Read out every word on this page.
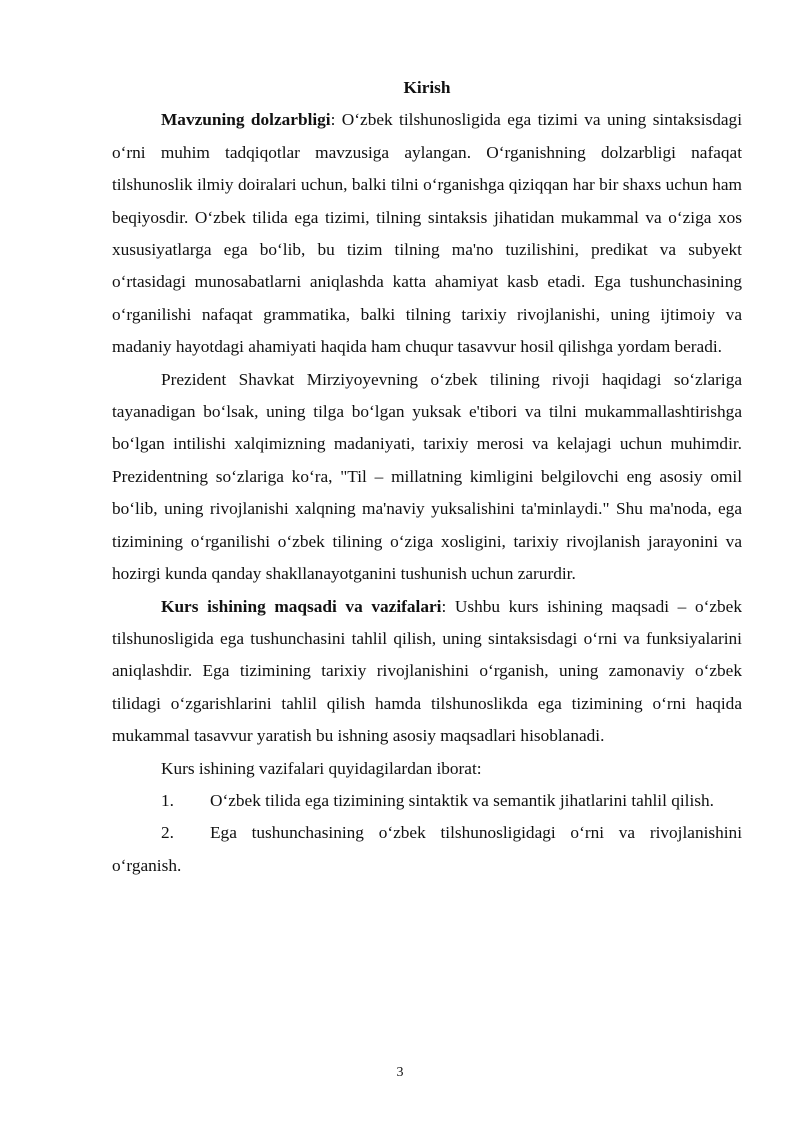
Kirish

Mavzuning dolzarbligi: O‘zbek tilshunosligida ega tizimi va uning sintaksisdagi o‘rni muhim tadqiqotlar mavzusiga aylangan. O‘rganishning dolzarbligi nafaqat tilshunoslik ilmiy doiralari uchun, balki tilni o‘rganishga qiziqqan har bir shaxs uchun ham beqiyosdir. O‘zbek tilida ega tizimi, tilning sintaksis jihatidan mukammal va o‘ziga xos xususiyatlarga ega bo‘lib, bu tizim tilning ma'no tuzilishini, predikat va subyekt o‘rtasidagi munosabatlarni aniqlashda katta ahamiyat kasb etadi. Ega tushunchasining o‘rganilishi nafaqat grammatika, balki tilning tarixiy rivojlanishi, uning ijtimoiy va madaniy hayotdagi ahamiyati haqida ham chuqur tasavvur hosil qilishga yordam beradi.

Prezident Shavkat Mirziyoyevning o‘zbek tilining rivoji haqidagi so‘zlariga tayanadigan bo‘lsak, uning tilga bo‘lgan yuksak e'tibori va tilni mukammallashtirishga bo‘lgan intilishi xalqimizning madaniyati, tarixiy merosi va kelajagi uchun muhimdir. Prezidentning so‘zlariga ko‘ra, "Til – millatning kimligini belgilovchi eng asosiy omil bo‘lib, uning rivojlanishi xalqning ma'naviy yuksalishini ta'minlaydi." Shu ma'noda, ega tizimining o‘rganilishi o‘zbek tilining o‘ziga xosligini, tarixiy rivojlanish jarayonini va hozirgi kunda qanday shakllanayotganini tushunish uchun zarurdir.

Kurs ishining maqsadi va vazifalari: Ushbu kurs ishining maqsadi – o‘zbek tilshunosligida ega tushunchasini tahlil qilish, uning sintaksisdagi o‘rni va funksiyalarini aniqlashdir. Ega tizimining tarixiy rivojlanishini o‘rganish, uning zamonaviy o‘zbek tilidagi o‘zgarishlarini tahlil qilish hamda tilshunoslikda ega tizimining o‘rni haqida mukammal tasavvur yaratish bu ishning asosiy maqsadlari hisoblanadi.

Kurs ishining vazifalari quyidagilardan iborat:

1. O‘zbek tilida ega tizimining sintaktik va semantik jihatlarini tahlil qilish.

2. Ega tushunchasining o‘zbek tilshunosligidagi o‘rni va rivojlanishini o‘rganish.

3
